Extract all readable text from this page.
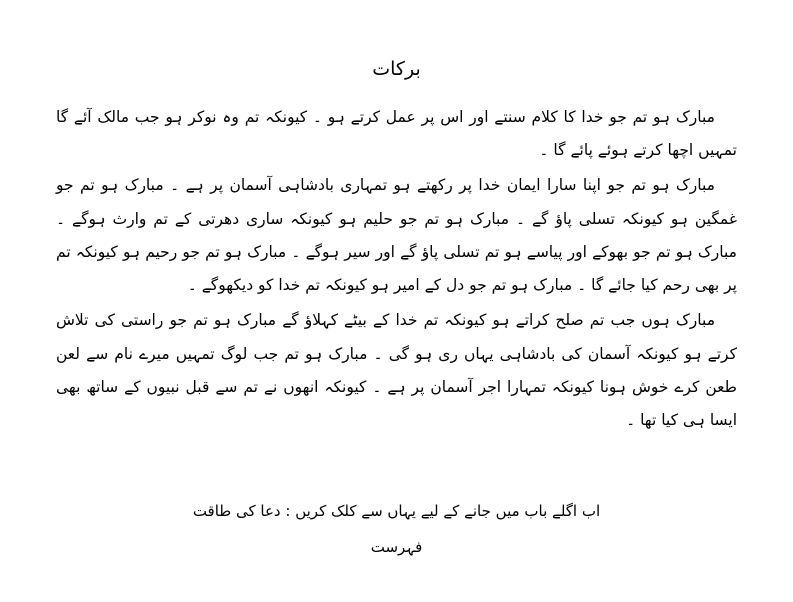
بركات

مبارک ہو تم جو خدا کا کلام سنتے اور اس پر عمل کرتے ہو ۔ کیونکہ تم وہ نوکر ہو جب مالک آئے گا تمہیں اچھا کرتے ہوئے پائے گا ۔

مبارک ہو تم جو اپنا سارا ایمان خدا پر رکھتے ہو تمہاری بادشاہی آسمان پر ہے ۔ مبارک ہو تم جو غمگین ہو کیونکہ تسلی پاؤ گے ۔ مبارک ہو تم جو حلیم ہو کیونکہ ساری دھرتی کے تم وارث ہوگے ۔ مبارک ہو تم جو بھوکے اور پیاسے ہو تم تسلی پاؤ گے اور سیر ہوگے ۔ مبارک ہو تم جو رحیم ہو کیونکہ تم پر بھی رحم کیا جائے گا ۔ مبارک ہو تم جو دل کے امیر ہو کیونکہ تم خدا کو دیکھوگے ۔

مبارک ہوں جب تم صلح کراتے ہو کیونکہ تم خدا کے بیٹے کہلاؤ گے مبارک ہو تم جو راستی کی تلاش کرتے ہو کیونکہ آسمان کی بادشاہی یہاں ری ہو گی ۔ مبارک ہو تم جب لوگ تمہیں میرے نام سے لعن طعن کرے خوش ہونا کیونکہ تمہارا اجر آسمان پر ہے ۔ کیونکہ انھوں نے تم سے قبل نبیوں کے ساتھ بھی ایسا ہی کیا تھا ۔

اب اگلے باب میں جانے کے لیے یہاں سے کلک کریں : دعا کی طاقت
فہرست
